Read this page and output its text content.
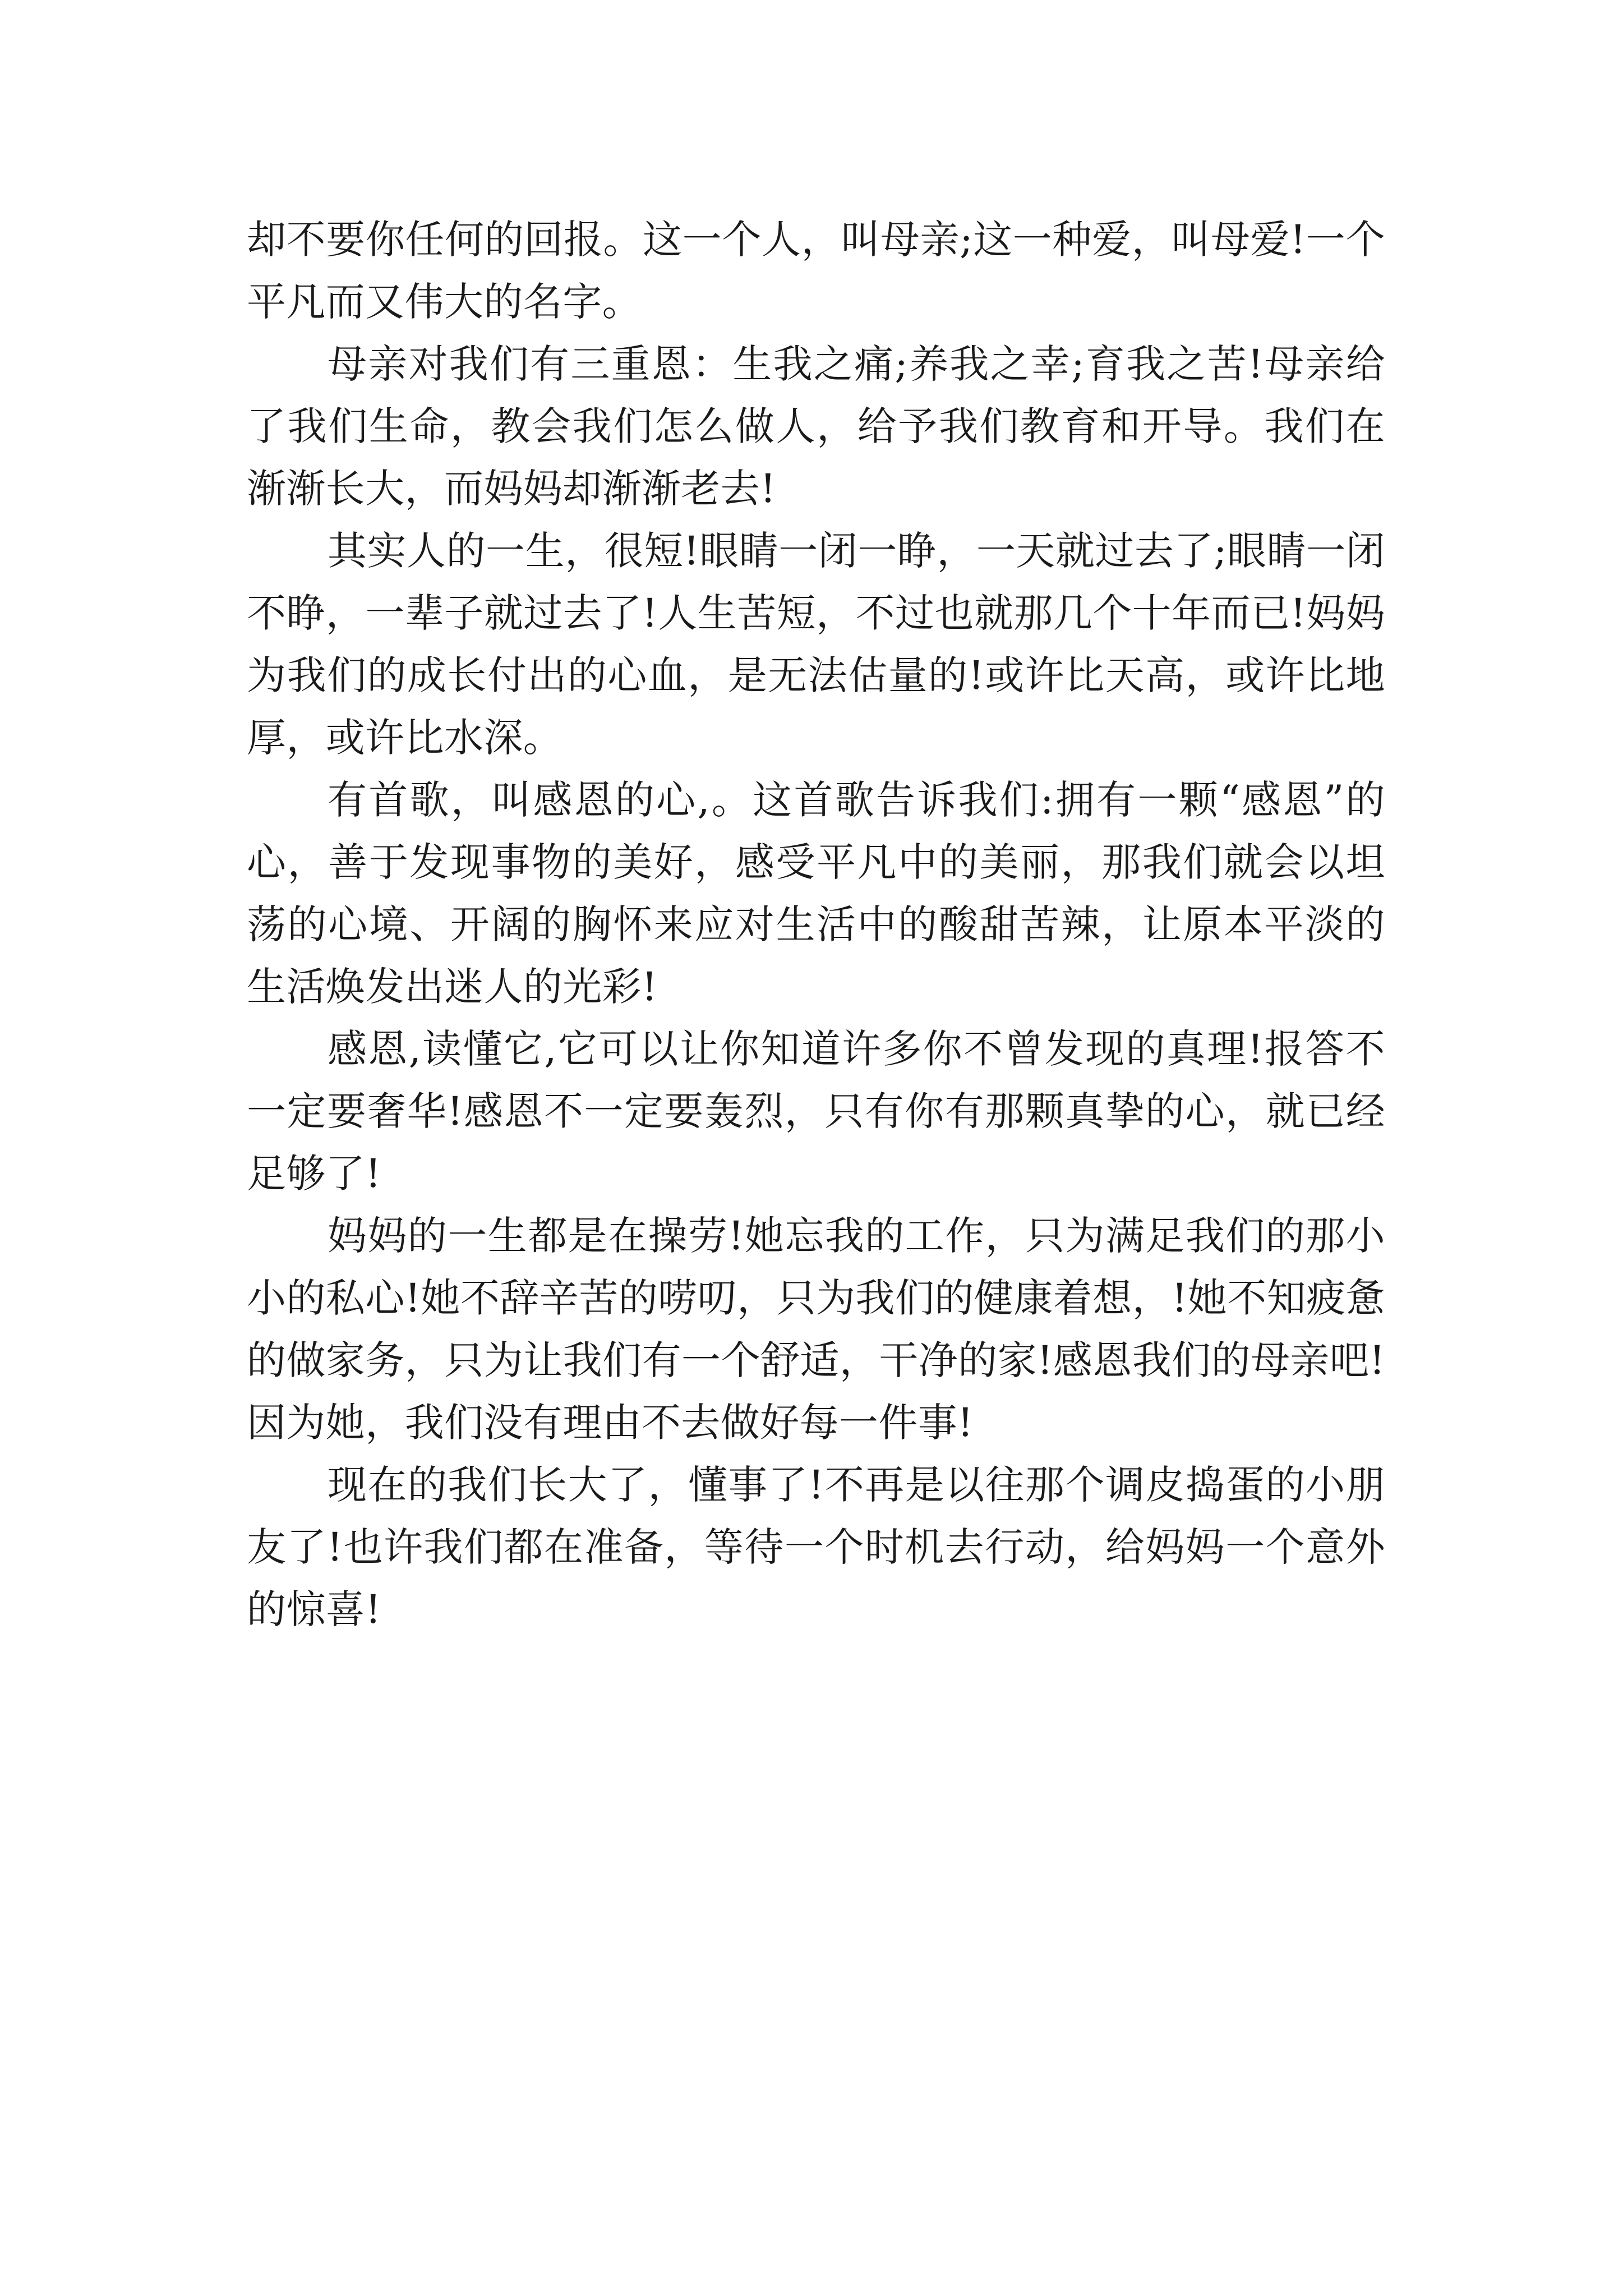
却不要你任何的回报。这一个人，叫母亲;这一种爱，叫母爱!一个平凡而又伟大的名字。

母亲对我们有三重恩：生我之痛;养我之幸;育我之苦!母亲给了我们生命，教会我们怎么做人，给予我们教育和开导。我们在渐渐长大，而妈妈却渐渐老去!

其实人的一生，很短!眼睛一闭一睁，一天就过去了;眼睛一闭不睁，一辈子就过去了!人生苦短，不过也就那几个十年而已!妈妈为我们的成长付出的心血，是无法估量的!或许比天高，或许比地厚，或许比水深。

有首歌，叫感恩的心,。这首歌告诉我们:拥有一颗“感恩”的心，善于发现事物的美好，感受平凡中的美丽，那我们就会以坦荡的心境、开阔的胸怀来应对生活中的酸甜苦辣，让原本平淡的生活焕发出迷人的光彩!

感恩,读懂它,它可以让你知道许多你不曾发现的真理!报答不一定要奢华!感恩不一定要轰烈，只有你有那颗真挚的心，就已经足够了!

妈妈的一生都是在操劳!她忘我的工作，只为满足我们的那小小的私心!她不辞辛苦的唠叨，只为我们的健康着想，!她不知疲惫的做家务，只为让我们有一个舒适，干净的家!感恩我们的母亲吧!因为她，我们没有理由不去做好每一件事!

现在的我们长大了，懂事了!不再是以往那个调皮捣蛋的小朋友了!也许我们都在准备，等待一个时机去行动，给妈妈一个意外的惊喜!
